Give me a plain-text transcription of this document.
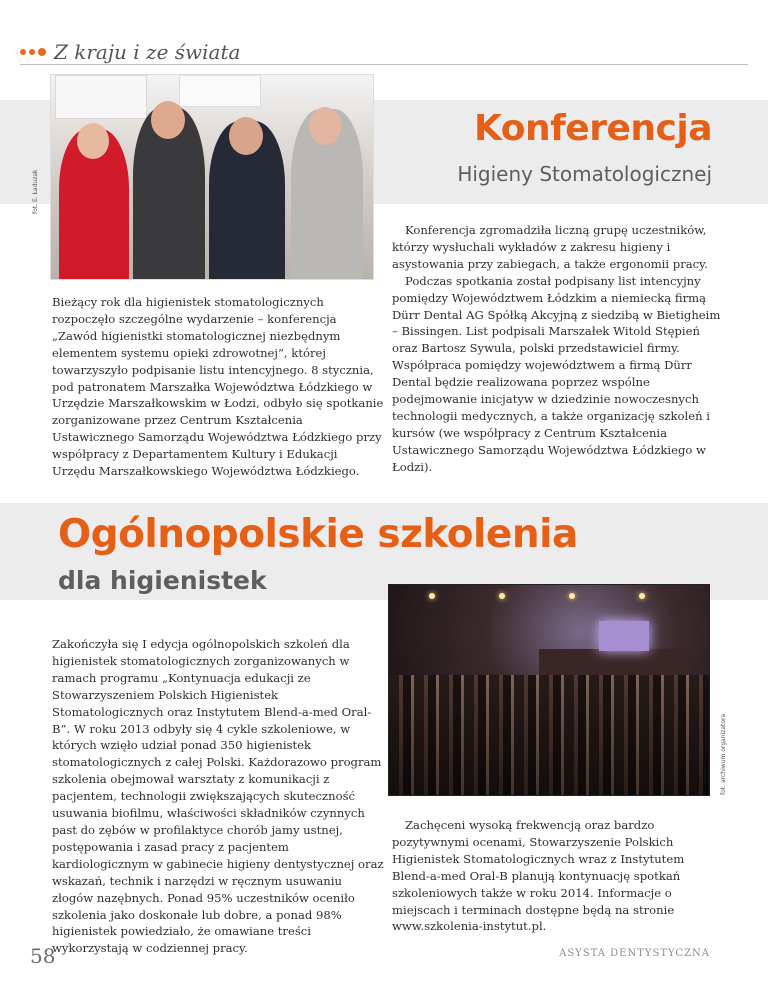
Z kraju i ze świata
fot. E. Ładuzak
Konferencja
Higieny Stomatologicznej

Bieżący rok dla higienistek stomatologicznych rozpoczęło szczególne wydarzenie – konferencja „Zawód higienistki stomatologicznej niezbędnym elementem systemu opieki zdrowotnej”, której towarzyszyło podpisanie listu intencyjnego. 8 stycznia, pod patronatem Marszałka Województwa Łódzkiego w Urzędzie Marszałkowskim w Łodzi, odbyło się spotkanie zorganizowane przez Centrum Kształcenia Ustawicznego Samorządu Województwa Łódzkiego przy współpracy z Departamentem Kultury i Edukacji Urzędu Marszałkowskiego Województwa Łódzkiego.

Konferencja zgromadziła liczną grupę uczestników, którzy wysłuchali wykładów z zakresu higieny i asystowania przy zabiegach, a także ergonomii pracy.

Podczas spotkania został podpisany list intencyjny pomiędzy Województwem Łódzkim a niemiecką firmą Dürr Dental AG Spółką Akcyjną z siedzibą w Bietigheim – Bissingen. List podpisali Marszałek Witold Stępień oraz Bartosz Sywula, polski przedstawiciel firmy. Współpraca pomiędzy województwem a firmą Dürr Dental będzie realizowana poprzez wspólne podejmowanie inicjatyw w dziedzinie nowoczesnych technologii medycznych, a także organizację szkoleń i kursów (we współpracy z Centrum Kształcenia Ustawicznego Samorządu Województwa Łódzkiego w Łodzi).

Ogólnopolskie szkolenia
dla higienistek
fot. archiwum organizatora

Zakończyła się I edycja ogólnopolskich szkoleń dla higienistek stomatologicznych zorganizowanych w ramach programu „Kontynuacja edukacji ze Stowarzyszeniem Polskich Higienistek Stomatologicznych oraz Instytutem Blend-a-med Oral-B”. W roku 2013 odbyły się 4 cykle szkoleniowe, w których wzięło udział ponad 350 higienistek stomatologicznych z całej Polski. Każdorazowo program szkolenia obejmował warsztaty z komunikacji z pacjentem, technologii zwiększających skuteczność usuwania biofilmu, właściwości składników czynnych past do zębów w profilaktyce chorób jamy ustnej, postępowania i zasad pracy z pacjentem kardiologicznym w gabinecie higieny dentystycznej oraz wskazań, technik i narzędzi w ręcznym usuwaniu złogów nazębnych. Ponad 95% uczestników oceniło szkolenia jako doskonałe lub dobre, a ponad 98% higienistek powiedziało, że omawiane treści wykorzystają w codziennej pracy.

Zachęceni wysoką frekwencją oraz bardzo pozytywnymi ocenami, Stowarzyszenie Polskich Higienistek Stomatologicznych wraz z Instytutem Blend-a-med Oral-B planują kontynuację spotkań szkoleniowych także w roku 2014. Informacje o miejscach i terminach dostępne będą na stronie www.szkolenia-instytut.pl.

58	ASYSTA DENTYSTYCZNA
